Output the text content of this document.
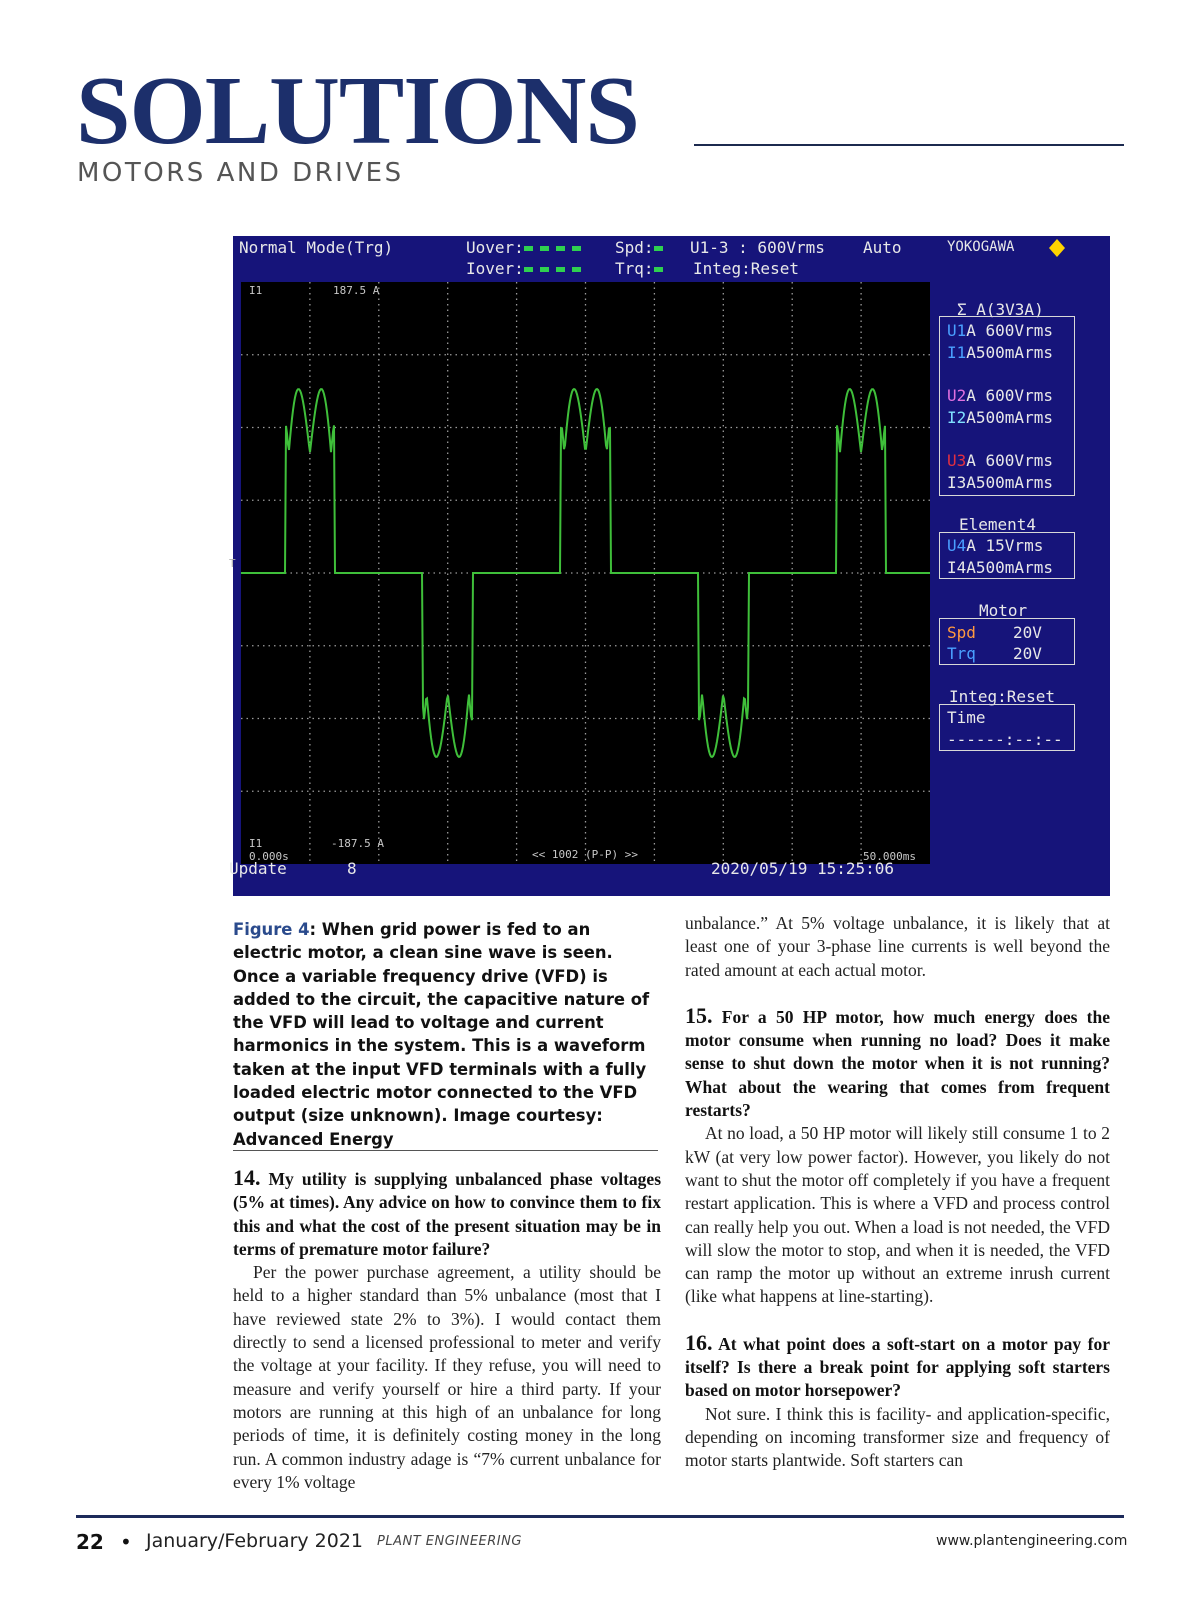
SOLUTIONS
MOTORS AND DRIVES
Normal Mode(Trg)	Uover:
Iover:
Spd:
Trq:
U1-3 : 600Vrms Auto
Integ:Reset
YOKOGAWA
I1	187.5 A
I1	-187.5 A
0.000s	<< 1002 (P-P) >>	50.000ms
T
Update	8	2020/05/19 15:25:06
Σ A(3V3A)
U1A 600Vrms
I1A500mArms
U2A 600Vrms
I2A500mArms
U3A 600Vrms
I3A500mArms
Element4
U4A 15Vrms
I4A500mArms
Motor
Spd 20V
Trq 20V
Integ:Reset
Time
------:--:--
Figure 4: When grid power is fed to an electric motor, a clean sine wave is seen. Once a variable frequency drive (VFD) is added to the circuit, the capacitive nature of the VFD will lead to voltage and current harmonics in the system. This is a waveform taken at the input VFD terminals with a fully loaded electric motor connected to the VFD output (size unknown). Image courtesy: Advanced Energy

14. My utility is supplying unbalanced phase voltages (5% at times). Any advice on how to convince them to fix this and what the cost of the present situation may be in terms of premature motor failure?

Per the power purchase agreement, a utility should be held to a higher standard than 5% unbalance (most that I have reviewed state 2% to 3%). I would contact them directly to send a licensed professional to meter and verify the voltage at your facility. If they refuse, you will need to measure and verify yourself or hire a third party. If your motors are running at this high of an unbalance for long periods of time, it is definitely costing money in the long run. A common industry adage is “7% current unbalance for every 1% voltage

unbalance.” At 5% voltage unbalance, it is likely that at least one of your 3-phase line currents is well beyond the rated amount at each actual motor.

15. For a 50 HP motor, how much energy does the motor consume when running no load? Does it make sense to shut down the motor when it is not running? What about the wearing that comes from frequent restarts?

At no load, a 50 HP motor will likely still consume 1 to 2 kW (at very low power factor). However, you likely do not want to shut the motor off completely if you have a frequent restart application. This is where a VFD and process control can really help you out. When a load is not needed, the VFD will slow the motor to stop, and when it is needed, the VFD can ramp the motor up without an extreme inrush current (like what happens at line-starting).

16. At what point does a soft-start on a motor pay for itself? Is there a break point for applying soft starters based on motor horsepower?

Not sure. I think this is facility- and application-specific, depending on incoming transformer size and frequency of motor starts plantwide. Soft starters can

22 • January/February 2021 PLANT ENGINEERING	www.plantengineering.com
